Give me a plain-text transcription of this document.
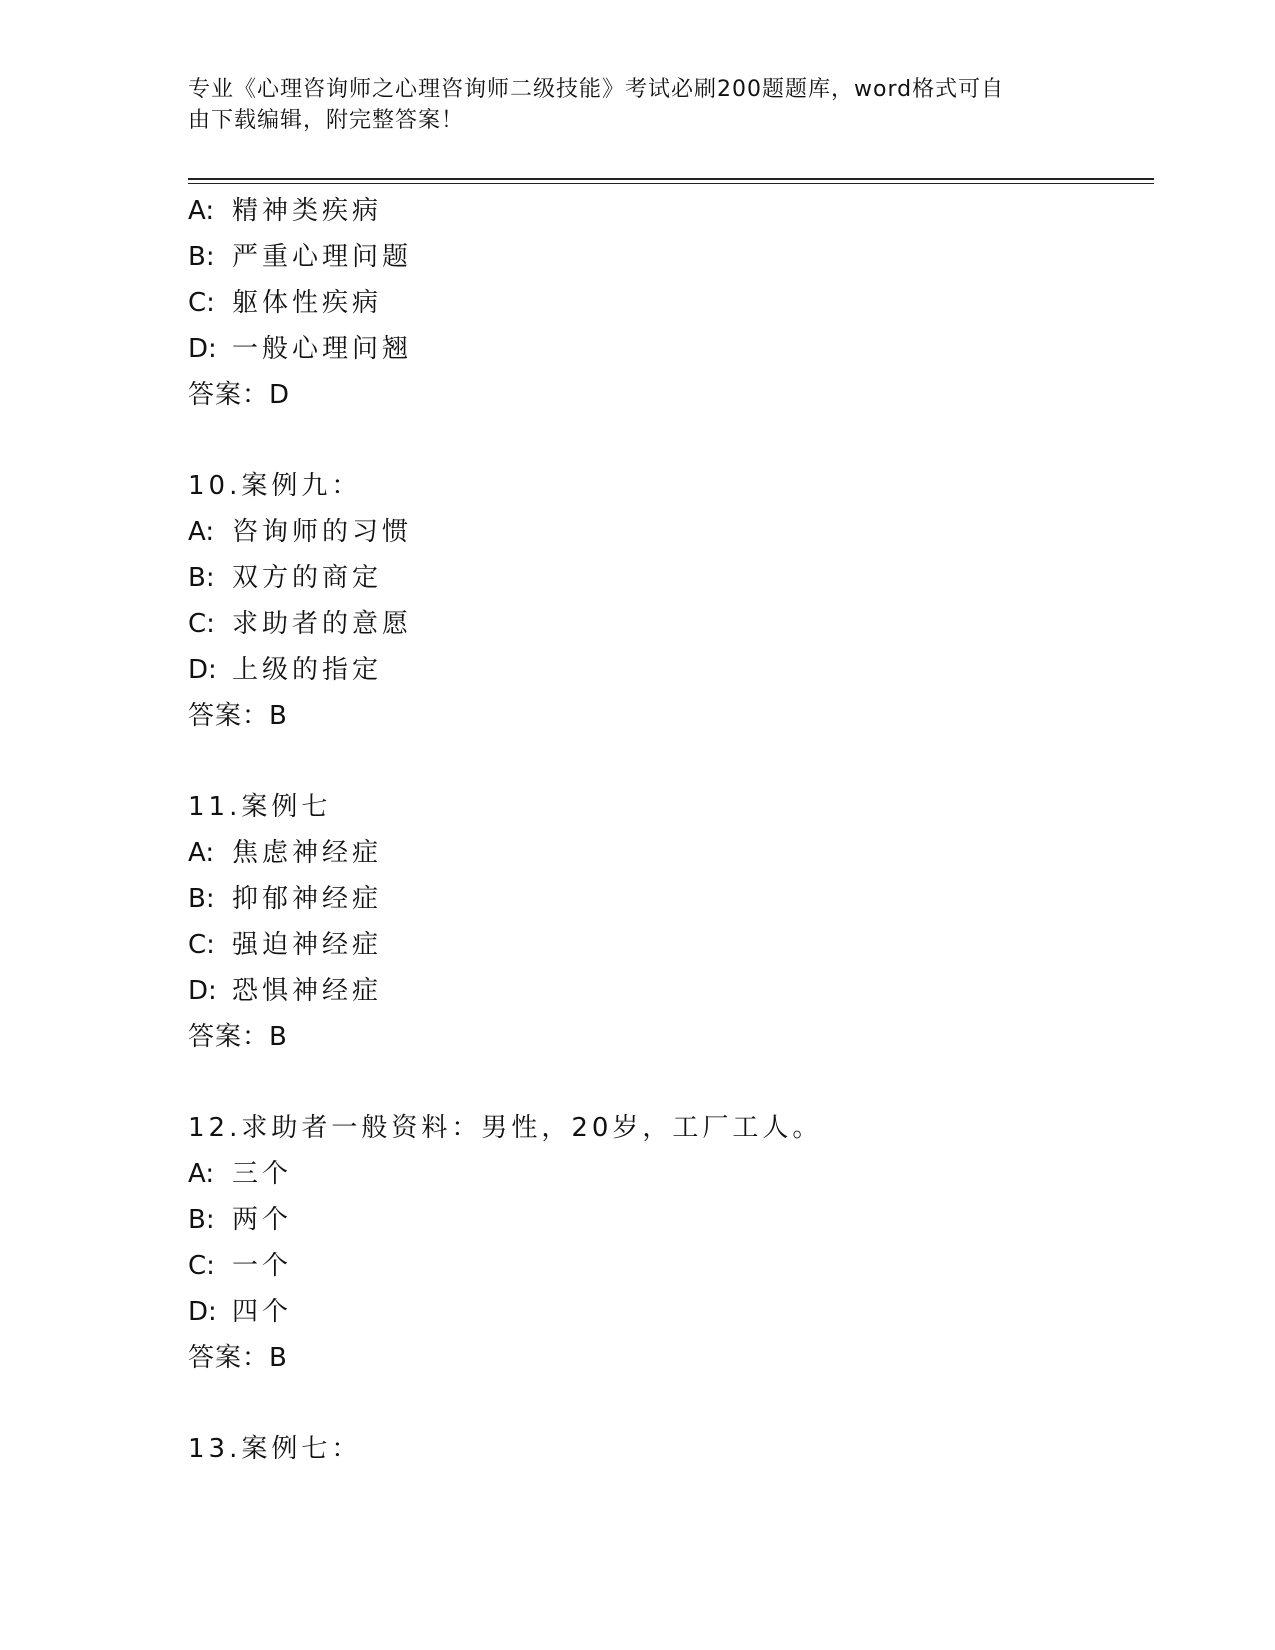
专业《心理咨询师之心理咨询师二级技能》考试必刷200题题库，word格式可自
由下载编辑，附完整答案！
A: 精神类疾病
B: 严重心理问题
C: 躯体性疾病
D: 一般心理问翘
答案：D
10.案例九：
A: 咨询师的习惯
B: 双方的商定
C: 求助者的意愿
D: 上级的指定
答案：B
11.案例七
A: 焦虑神经症
B: 抑郁神经症
C: 强迫神经症
D: 恐惧神经症
答案：B
12.求助者一般资料：男性，20岁，工厂工人。
A: 三个
B: 两个
C: 一个
D: 四个
答案：B
13.案例七：
